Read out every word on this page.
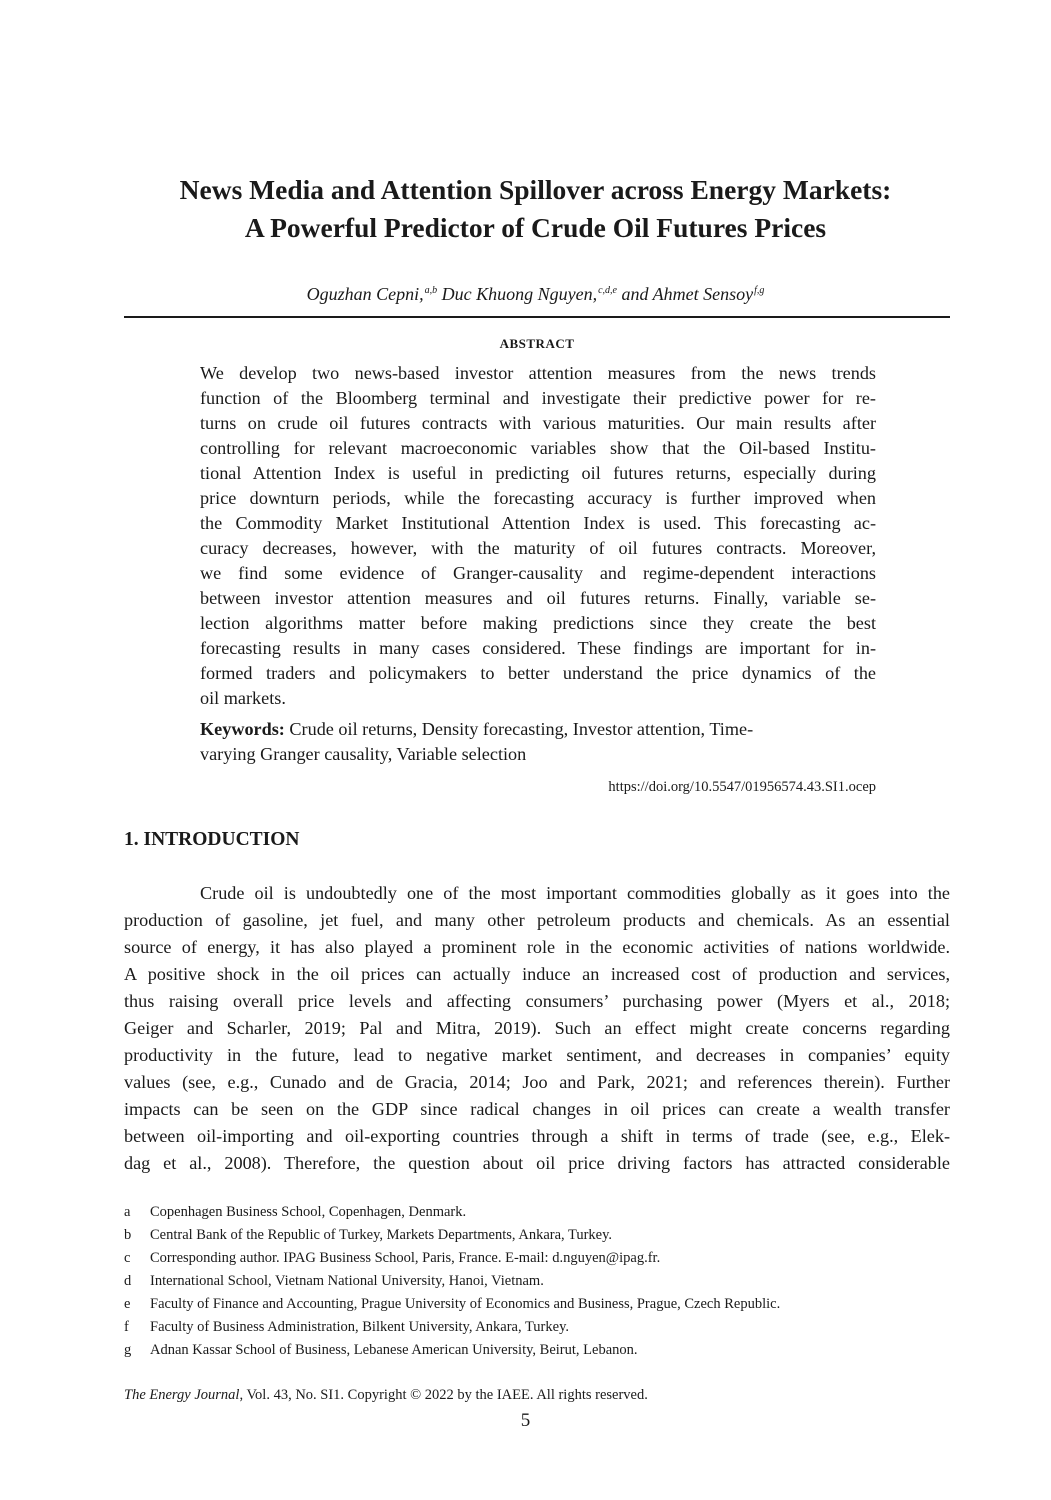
News Media and Attention Spillover across Energy Markets:
A Powerful Predictor of Crude Oil Futures Prices
Oguzhan Cepni,$^{a,b}$ Duc Khuong Nguyen,$^{c,d,e}$ and Ahmet Sensoy$^{f,g}$
ABSTRACT
We develop two news-based investor attention measures from the news trends
function of the Bloomberg terminal and investigate their predictive power for re-
turns on crude oil futures contracts with various maturities. Our main results after
controlling for relevant macroeconomic variables show that the Oil-based Institu-
tional Attention Index is useful in predicting oil futures returns, especially during
price downturn periods, while the forecasting accuracy is further improved when
the Commodity Market Institutional Attention Index is used. This forecasting ac-
curacy decreases, however, with the maturity of oil futures contracts. Moreover,
we find some evidence of Granger-causality and regime-dependent interactions
between investor attention measures and oil futures returns. Finally, variable se-
lection algorithms matter before making predictions since they create the best
forecasting results in many cases considered. These findings are important for in-
formed traders and policymakers to better understand the price dynamics of the
oil markets.
Keywords: Crude oil returns, Density forecasting, Investor attention, Time-
varying Granger causality, Variable selection
https://doi.org/10.5547/01956574.43.SI1.ocep
1. INTRODUCTION
Crude oil is undoubtedly one of the most important commodities globally as it goes into the
production of gasoline, jet fuel, and many other petroleum products and chemicals. As an essential
source of energy, it has also played a prominent role in the economic activities of nations worldwide.
A positive shock in the oil prices can actually induce an increased cost of production and services,
thus raising overall price levels and affecting consumers’ purchasing power (Myers et al., 2018;
Geiger and Scharler, 2019; Pal and Mitra, 2019). Such an effect might create concerns regarding
productivity in the future, lead to negative market sentiment, and decreases in companies’ equity
values (see, e.g., Cunado and de Gracia, 2014; Joo and Park, 2021; and references therein). Further
impacts can be seen on the GDP since radical changes in oil prices can create a wealth transfer
between oil-importing and oil-exporting countries through a shift in terms of trade (see, e.g., Elek-
dag et al., 2008). Therefore, the question about oil price driving factors has attracted considerable
a Copenhagen Business School, Copenhagen, Denmark.
b Central Bank of the Republic of Turkey, Markets Departments, Ankara, Turkey.
c Corresponding author. IPAG Business School, Paris, France. E-mail: d.nguyen@ipag.fr.
d International School, Vietnam National University, Hanoi, Vietnam.
e Faculty of Finance and Accounting, Prague University of Economics and Business, Prague, Czech Republic.
f Faculty of Business Administration, Bilkent University, Ankara, Turkey.
g Adnan Kassar School of Business, Lebanese American University, Beirut, Lebanon.
The Energy Journal, Vol. 43, No. SI1. Copyright © 2022 by the IAEE. All rights reserved.
5
